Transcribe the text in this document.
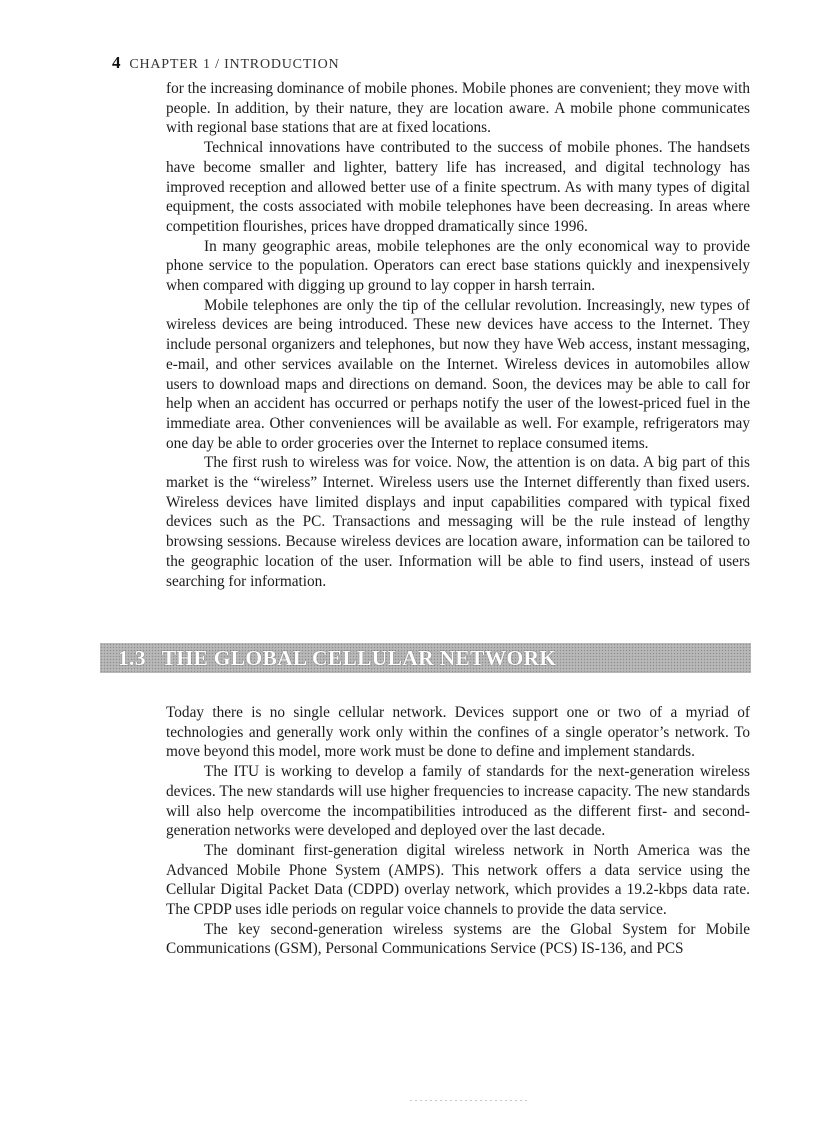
4 CHAPTER 1 / INTRODUCTION

for the increasing dominance of mobile phones. Mobile phones are convenient; they move with people. In addition, by their nature, they are location aware. A mobile phone communicates with regional base stations that are at fixed locations.

Technical innovations have contributed to the success of mobile phones. The handsets have become smaller and lighter, battery life has increased, and digital technology has improved reception and allowed better use of a finite spectrum. As with many types of digital equipment, the costs associated with mobile telephones have been decreasing. In areas where competition flourishes, prices have dropped dramatically since 1996.

In many geographic areas, mobile telephones are the only economical way to provide phone service to the population. Operators can erect base stations quickly and inexpensively when compared with digging up ground to lay copper in harsh terrain.

Mobile telephones are only the tip of the cellular revolution. Increasingly, new types of wireless devices are being introduced. These new devices have access to the Internet. They include personal organizers and telephones, but now they have Web access, instant messaging, e-mail, and other services available on the Internet. Wireless devices in automobiles allow users to download maps and directions on demand. Soon, the devices may be able to call for help when an accident has occurred or perhaps notify the user of the lowest-priced fuel in the immediate area. Other conveniences will be available as well. For example, refrigerators may one day be able to order groceries over the Internet to replace consumed items.

The first rush to wireless was for voice. Now, the attention is on data. A big part of this market is the “wireless” Internet. Wireless users use the Internet differently than fixed users. Wireless devices have limited displays and input capabilities compared with typical fixed devices such as the PC. Transactions and messaging will be the rule instead of lengthy browsing sessions. Because wireless devices are location aware, information can be tailored to the geographic location of the user. Information will be able to find users, instead of users searching for information.

1.3 THE GLOBAL CELLULAR NETWORK

Today there is no single cellular network. Devices support one or two of a myriad of technologies and generally work only within the confines of a single operator’s network. To move beyond this model, more work must be done to define and implement standards.

The ITU is working to develop a family of standards for the next-generation wireless devices. The new standards will use higher frequencies to increase capacity. The new standards will also help overcome the incompatibilities introduced as the different first- and second-generation networks were developed and deployed over the last decade.

The dominant first-generation digital wireless network in North America was the Advanced Mobile Phone System (AMPS). This network offers a data service using the Cellular Digital Packet Data (CDPD) overlay network, which provides a 19.2-kbps data rate. The CPDP uses idle periods on regular voice channels to provide the data service.

The key second-generation wireless systems are the Global System for Mobile Communications (GSM), Personal Communications Service (PCS) IS-136, and PCS
